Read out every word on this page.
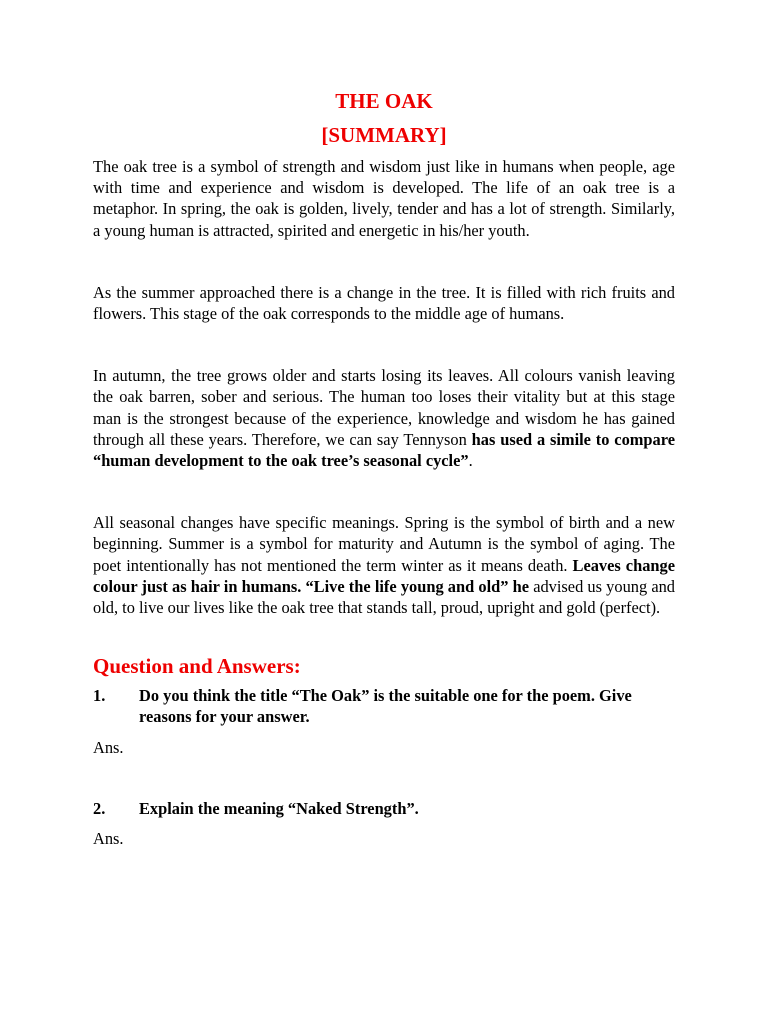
THE OAK
[SUMMARY]

The oak tree is a symbol of strength and wisdom just like in humans when people, age with time and experience and wisdom is developed. The life of an oak tree is a metaphor. In spring, the oak is golden, lively, tender and has a lot of strength. Similarly, a young human is attracted, spirited and energetic in his/her youth.

As the summer approached there is a change in the tree. It is filled with rich fruits and flowers. This stage of the oak corresponds to the middle age of humans.

In autumn, the tree grows older and starts losing its leaves. All colours vanish leaving the oak barren, sober and serious. The human too loses their vitality but at this stage man is the strongest because of the experience, knowledge and wisdom he has gained through all these years. Therefore, we can say Tennyson has used a simile to compare “human development to the oak tree’s seasonal cycle”.

All seasonal changes have specific meanings. Spring is the symbol of birth and a new beginning. Summer is a symbol for maturity and Autumn is the symbol of aging. The poet intentionally has not mentioned the term winter as it means death. Leaves change colour just as hair in humans. “Live the life young and old” he advised us young and old, to live our lives like the oak tree that stands tall, proud, upright and gold (perfect).

Question and Answers:
1.	Do you think the title “The Oak” is the suitable one for the poem. Give reasons for your answer.

Ans.

2.	Explain the meaning “Naked Strength”.

Ans.
